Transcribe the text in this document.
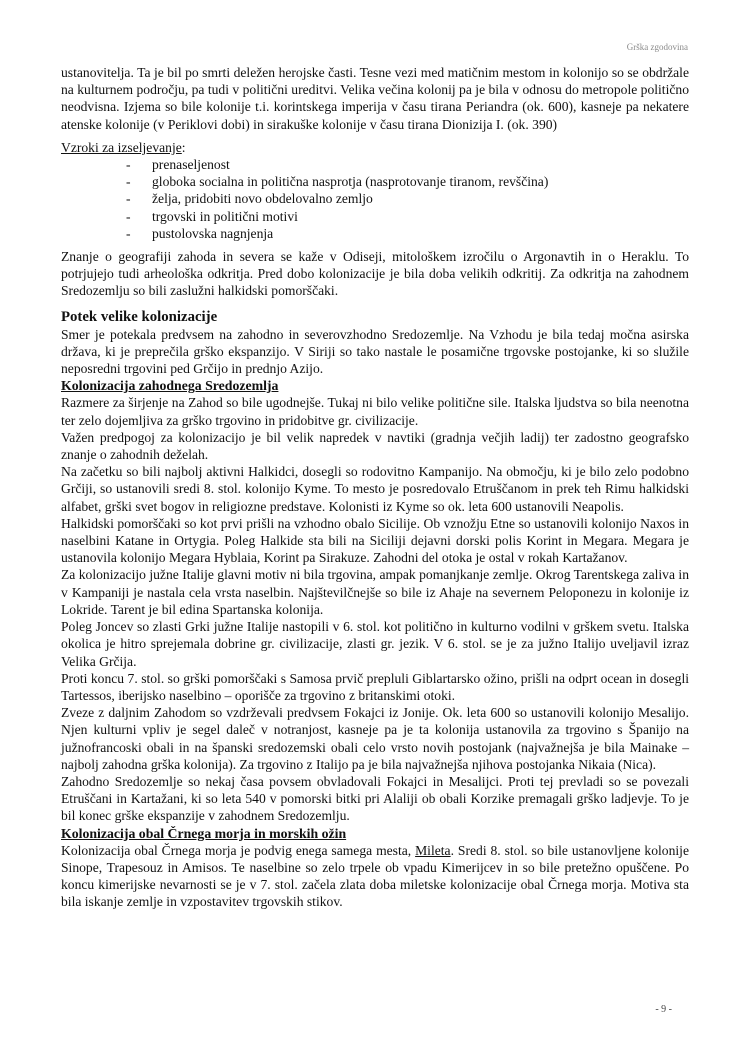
Grška zgodovina

ustanovitelja. Ta je bil po smrti deležen herojske časti. Tesne vezi med matičnim mestom in kolonijo so se obdržale na kulturnem področju, pa tudi v politični ureditvi. Velika večina kolonij pa je bila v odnosu do metropole politično neodvisna. Izjema so bile kolonije t.i. korintskega imperija v času tirana Periandra (ok. 600), kasneje pa nekatere atenske kolonije (v Periklovi dobi) in sirakuške kolonije v času tirana Dionizija I. (ok. 390)

Vzroki za izseljevanje:

- prenaseljenost
- globoka socialna in politična nasprotja (nasprotovanje tiranom, revščina)
- želja, pridobiti novo obdelovalno zemljo
- trgovski in politični motivi
- pustolovska nagnjenja

Znanje o geografiji zahoda in severa se kaže v Odiseji, mitološkem izročilu o Argonavtih in o Heraklu. To potrjujejo tudi arheološka odkritja. Pred dobo kolonizacije je bila doba velikih odkritij. Za odkritja na zahodnem Sredozemlju so bili zaslužni halkidski pomorščaki.

Potek velike kolonizacije

Smer je potekala predvsem na zahodno in severovzhodno Sredozemlje. Na Vzhodu je bila tedaj močna asirska država, ki je preprečila grško ekspanzijo. V Siriji so tako nastale le posamične trgovske postojanke, ki so služile neposredni trgovini ped Grčijo in prednjo Azijo.

Kolonizacija zahodnega Sredozemlja

Razmere za širjenje na Zahod so bile ugodnejše. Tukaj ni bilo velike politične sile. Italska ljudstva so bila neenotna ter zelo dojemljiva za grško trgovino in pridobitve gr. civilizacije.

Važen predpogoj za kolonizacijo je bil velik napredek v navtiki (gradnja večjih ladij) ter zadostno geografsko znanje o zahodnih deželah.

Na začetku so bili najbolj aktivni Halkidci, dosegli so rodovitno Kampanijo. Na območju, ki je bilo zelo podobno Grčiji, so ustanovili sredi 8. stol. kolonijo Kyme. To mesto je posredovalo Etruščanom in prek teh Rimu halkidski alfabet, grški svet bogov in religiozne predstave. Kolonisti iz Kyme so ok. leta 600 ustanovili Neapolis.

Halkidski pomorščaki so kot prvi prišli na vzhodno obalo Sicilije. Ob vznožju Etne so ustanovili kolonijo Naxos in naselbini Katane in Ortygia. Poleg Halkide sta bili na Siciliji dejavni dorski polis Korint in Megara. Megara je ustanovila kolonijo Megara Hyblaia, Korint pa Sirakuze. Zahodni del otoka je ostal v rokah Kartažanov.

Za kolonizacijo južne Italije glavni motiv ni bila trgovina, ampak pomanjkanje zemlje. Okrog Tarentskega zaliva in v Kampaniji je nastala cela vrsta naselbin. Najštevilčnejše so bile iz Ahaje na severnem Peloponezu in kolonije iz Lokride. Tarent je bil edina Spartanska kolonija.

Poleg Joncev so zlasti Grki južne Italije nastopili v 6. stol. kot politično in kulturno vodilni v grškem svetu. Italska okolica je hitro sprejemala dobrine gr. civilizacije, zlasti gr. jezik. V 6. stol. se je za južno Italijo uveljavil izraz Velika Grčija.

Proti koncu 7. stol. so grški pomorščaki s Samosa prvič prepluli Giblartarsko ožino, prišli na odprt ocean in dosegli Tartessos, iberijsko naselbino – oporišče za trgovino z britanskimi otoki.

Zveze z daljnim Zahodom so vzdrževali predvsem Fokajci iz Jonije. Ok. leta 600 so ustanovili kolonijo Mesalijo. Njen kulturni vpliv je segel daleč v notranjost, kasneje pa je ta kolonija ustanovila za trgovino s Španijo na južnofrancoski obali in na španski sredozemski obali celo vrsto novih postojank (najvažnejša je bila Mainake – najbolj zahodna grška kolonija). Za trgovino z Italijo pa je bila najvažnejša njihova postojanka Nikaia (Nica).

Zahodno Sredozemlje so nekaj časa povsem obvladovali Fokajci in Mesalijci. Proti tej prevladi so se povezali Etruščani in Kartažani, ki so leta 540 v pomorski bitki pri Alaliji ob obali Korzike premagali grško ladjevje. To je bil konec grške ekspanzije v zahodnem Sredozemlju.

Kolonizacija obal Črnega morja in morskih ožin

Kolonizacija obal Črnega morja je podvig enega samega mesta, Mileta. Sredi 8. stol. so bile ustanovljene kolonije Sinope, Trapesouz in Amisos. Te naselbine so zelo trpele ob vpadu Kimerijcev in so bile pretežno opuščene. Po koncu kimerijske nevarnosti se je v 7. stol. začela zlata doba miletske kolonizacije obal Črnega morja. Motiva sta bila iskanje zemlje in vzpostavitev trgovskih stikov.

- 9 -
